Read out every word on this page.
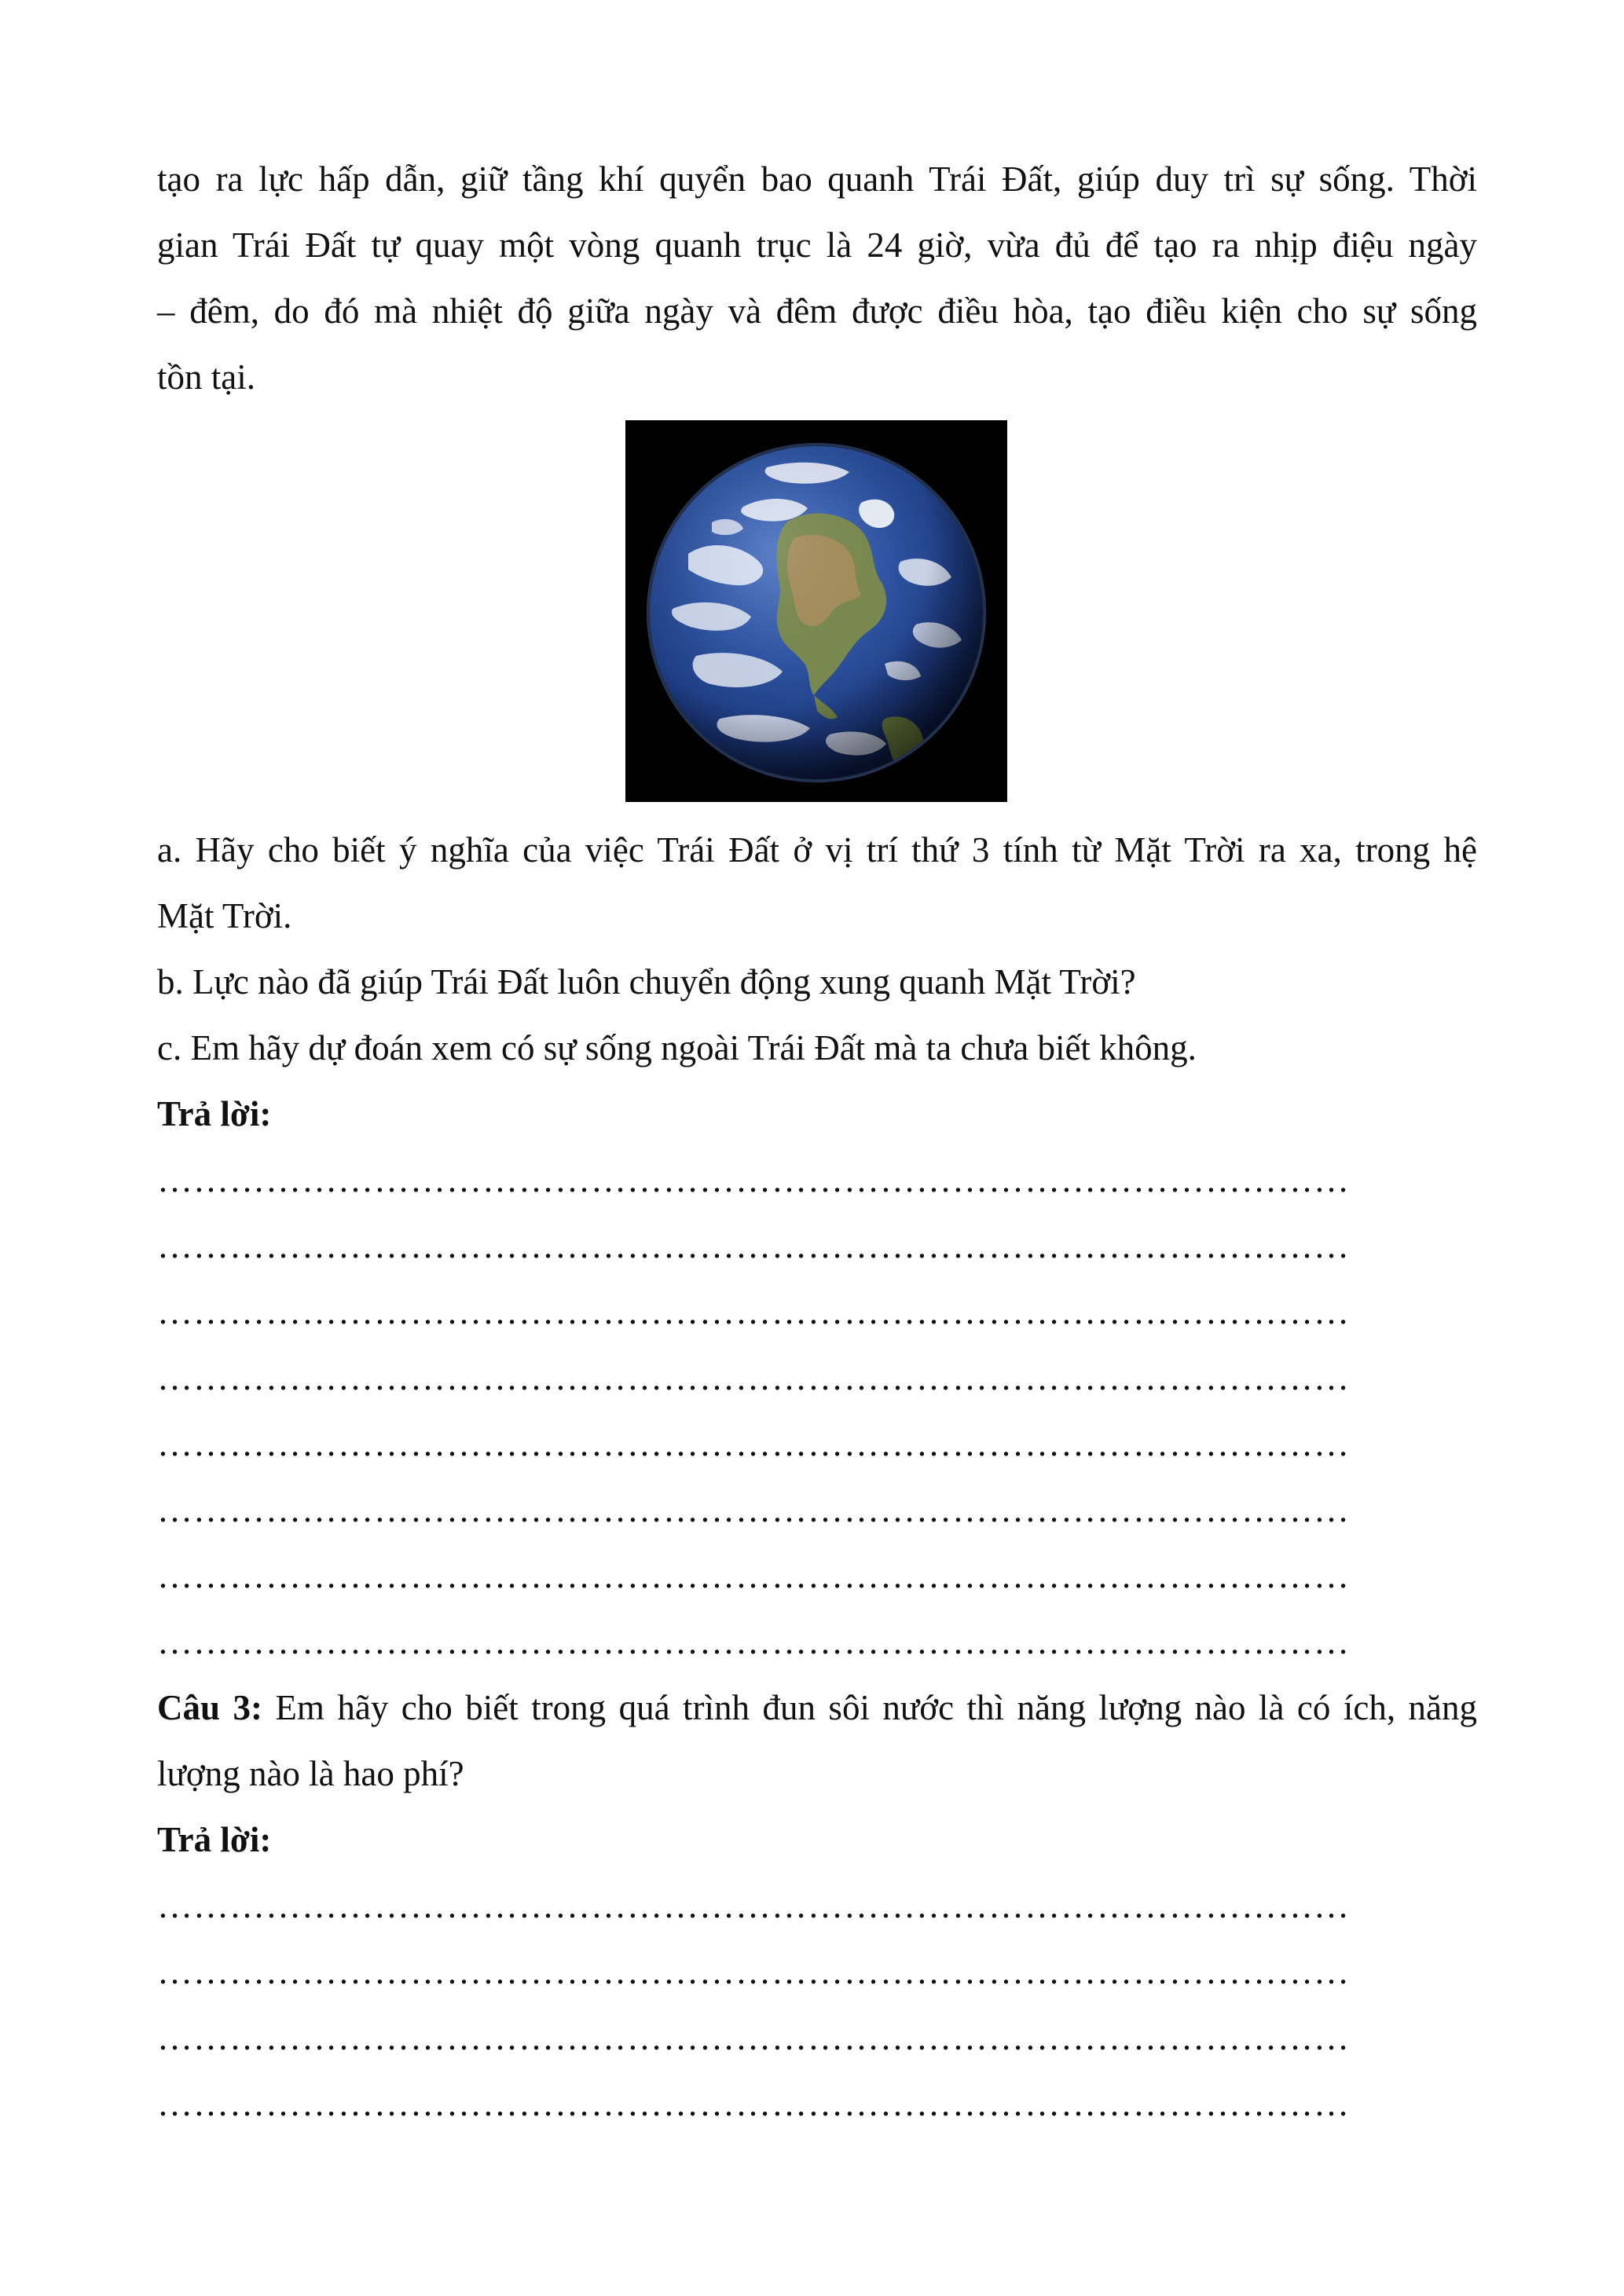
tạo ra lực hấp dẫn, giữ tầng khí quyển bao quanh Trái Đất, giúp duy trì sự sống. Thời
gian Trái Đất tự quay một vòng quanh trục là 24 giờ, vừa đủ để tạo ra nhịp điệu ngày
– đêm, do đó mà nhiệt độ giữa ngày và đêm được điều hòa, tạo điều kiện cho sự sống
tồn tại.
a. Hãy cho biết ý nghĩa của việc Trái Đất ở vị trí thứ 3 tính từ Mặt Trời ra xa, trong hệ
Mặt Trời.
b. Lực nào đã giúp Trái Đất luôn chuyển động xung quanh Mặt Trời?
c. Em hãy dự đoán xem có sự sống ngoài Trái Đất mà ta chưa biết không.
Trả lời:
………………………………………………………………………………………
………………………………………………………………………………………
………………………………………………………………………………………
………………………………………………………………………………………
………………………………………………………………………………………
………………………………………………………………………………………
………………………………………………………………………………………
………………………………………………………………………………………
Câu 3: Em hãy cho biết trong quá trình đun sôi nước thì năng lượng nào là có ích, năng
lượng nào là hao phí?
Trả lời:
………………………………………………………………………………………
………………………………………………………………………………………
………………………………………………………………………………………
………………………………………………………………………………………
